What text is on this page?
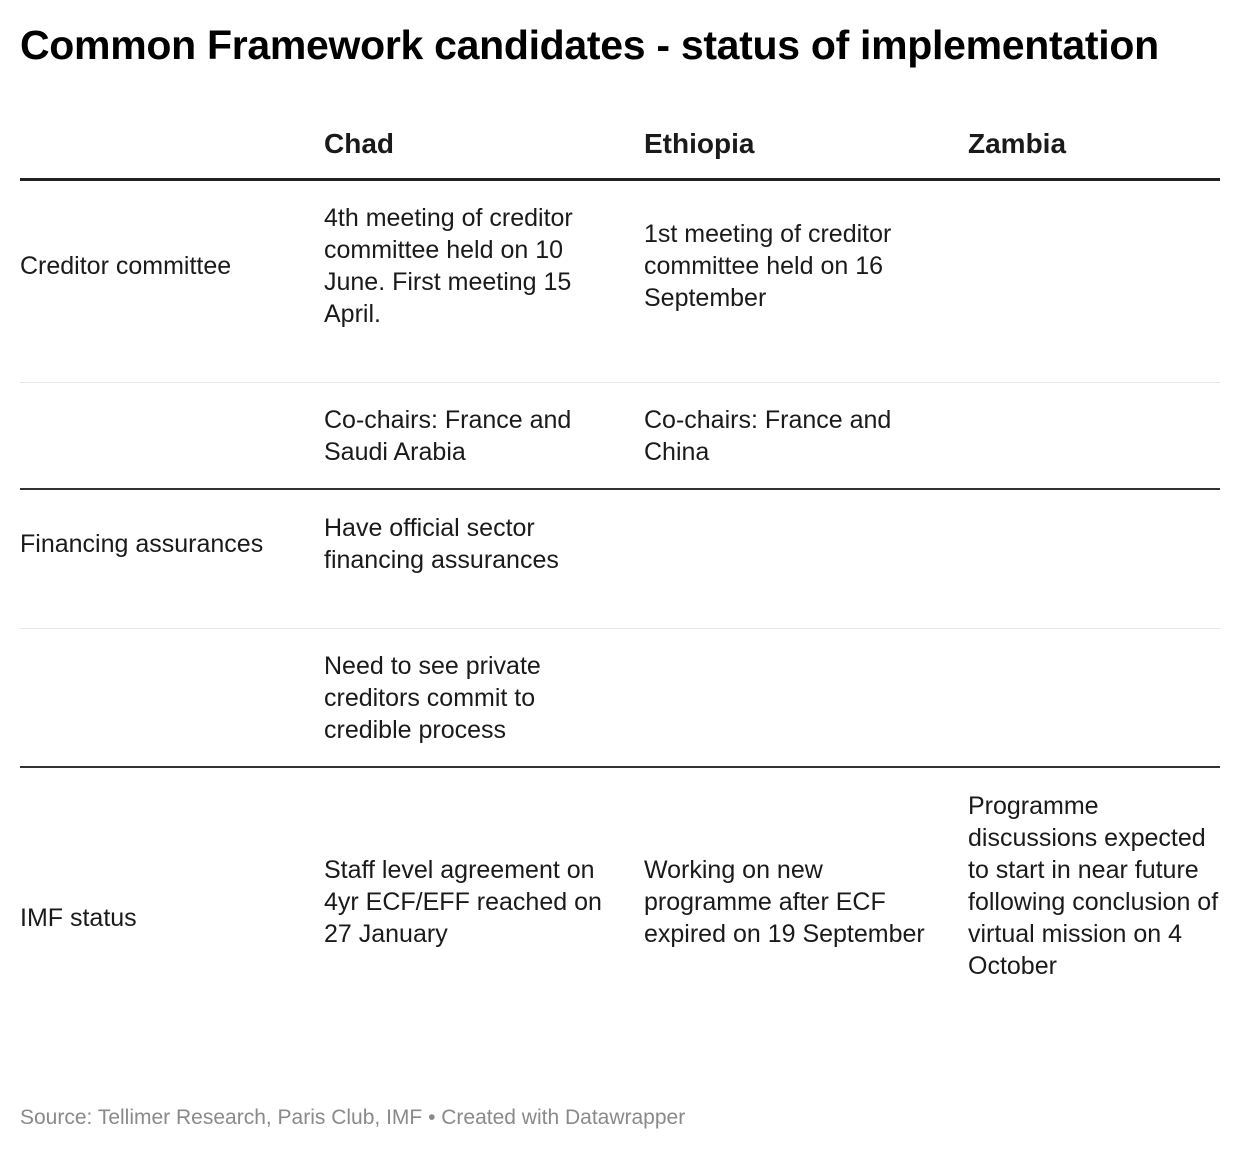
Common Framework candidates - status of implementation
Chad	Ethiopia	Zambia
Creditor committee
4th meeting of creditor committee held on 10 June. First meeting 15 April.
1st meeting of creditor committee held on 16 September
Co-chairs: France and Saudi Arabia
Co-chairs: France and China
Financing assurances
Have official sector financing assurances
Need to see private creditors commit to credible process
IMF status
Staff level agreement on 4yr ECF/EFF reached on 27 January
Working on new programme after ECF expired on 19 September
Programme discussions expected to start in near future following conclusion of virtual mission on 4 October
Source: Tellimer Research, Paris Club, IMF • Created with Datawrapper
